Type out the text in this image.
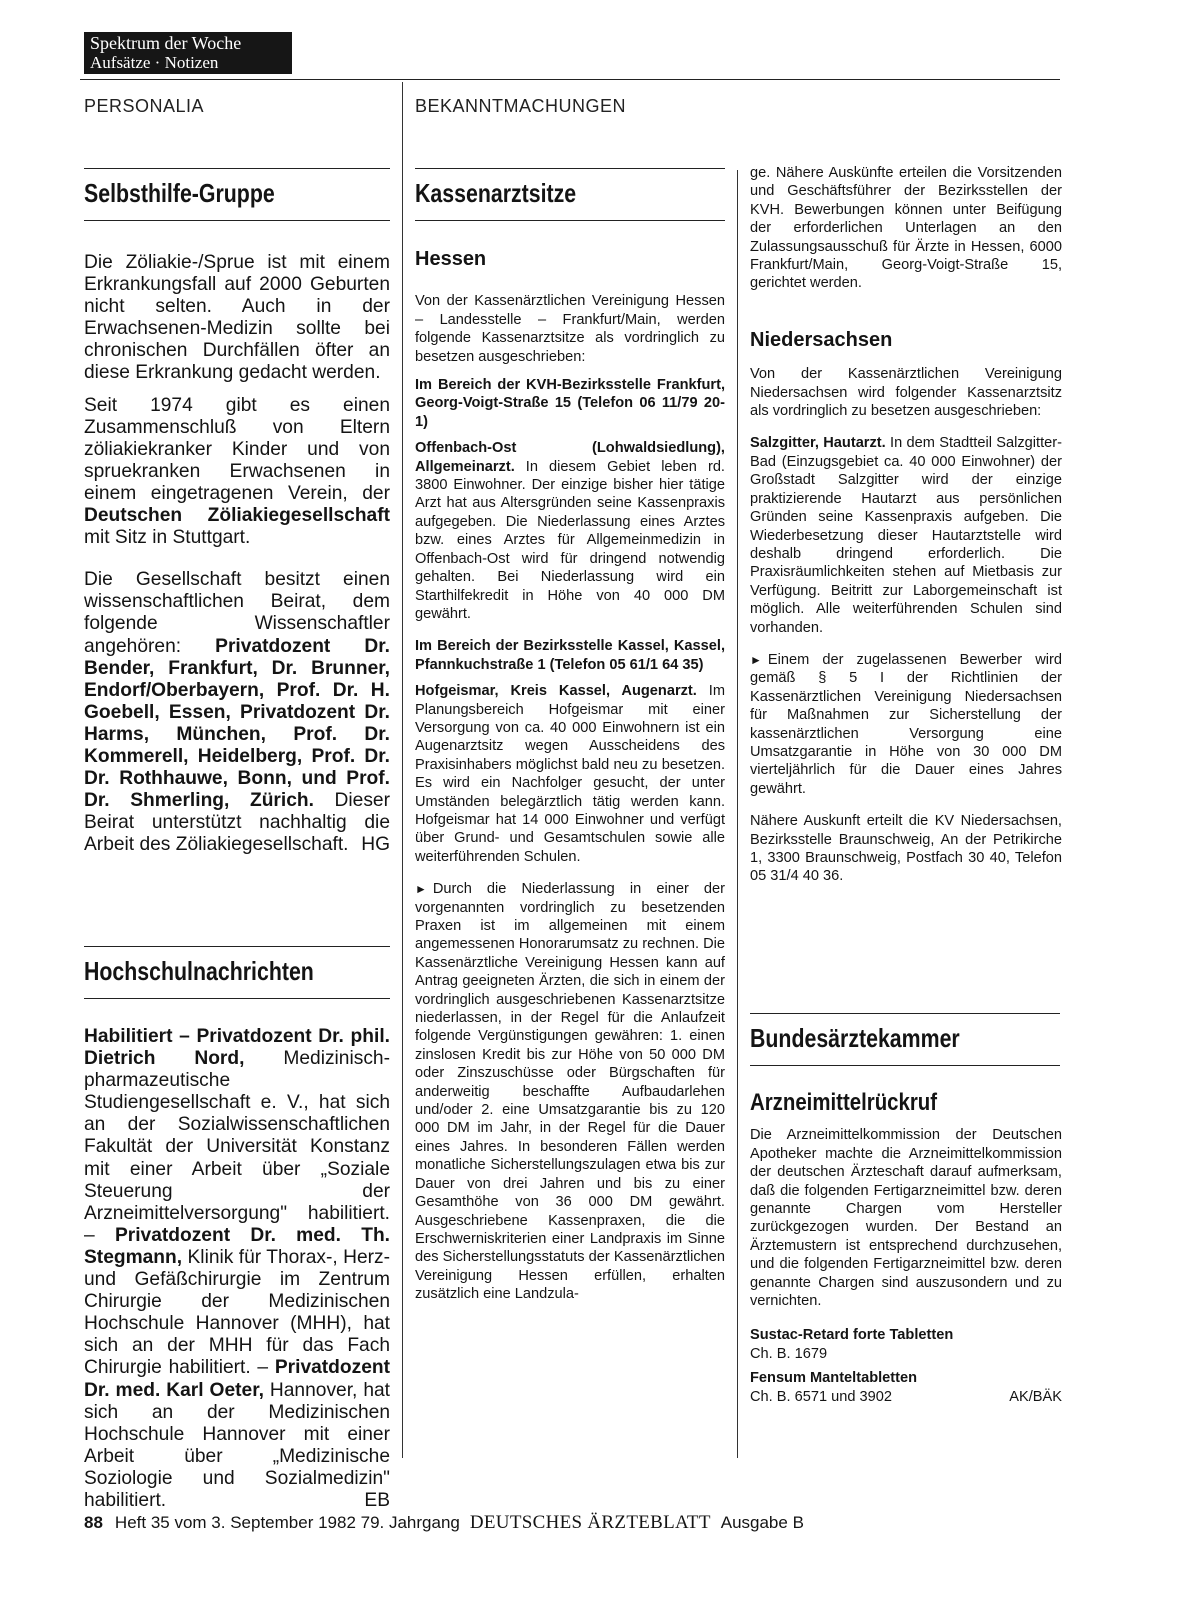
Spektrum der Woche
Aufsätze · Notizen
PERSONALIA	BEKANNTMACHUNGEN
Selbsthilfe-Gruppe

Die Zöliakie-/Sprue ist mit einem Erkrankungsfall auf 2000 Geburten nicht selten. Auch in der Erwachsenen-Medizin sollte bei chronischen Durchfällen öfter an diese Erkrankung gedacht werden.

Seit 1974 gibt es einen Zusammenschluß von Eltern zöliakiekranker Kinder und von spruekranken Erwachsenen in einem eingetragenen Verein, der Deutschen Zöliakiegesellschaft mit Sitz in Stuttgart.

Die Gesellschaft besitzt einen wissenschaftlichen Beirat, dem folgende Wissenschaftler angehören: Privatdozent Dr. Bender, Frankfurt, Dr. Brunner, Endorf/Oberbayern, Prof. Dr. H. Goebell, Essen, Privatdozent Dr. Harms, München, Prof. Dr. Kommerell, Heidelberg, Prof. Dr. Dr. Rothhauwe, Bonn, und Prof. Dr. Shmerling, Zürich. Dieser Beirat unterstützt nachhaltig die Arbeit des Zöliakiegesellschaft. HG

Hochschulnachrichten

Habilitiert – Privatdozent Dr. phil. Dietrich Nord, Medizinisch-pharmazeutische Studiengesellschaft e. V., hat sich an der Sozialwissenschaftlichen Fakultät der Universität Konstanz mit einer Arbeit über „Soziale Steuerung der Arzneimittelversorgung" habilitiert. – Privatdozent Dr. med. Th. Stegmann, Klinik für Thorax-, Herz- und Gefäßchirurgie im Zentrum Chirurgie der Medizinischen Hochschule Hannover (MHH), hat sich an der MHH für das Fach Chirurgie habilitiert. – Privatdozent Dr. med. Karl Oeter, Hannover, hat sich an der Medizinischen Hochschule Hannover mit einer Arbeit über „Medizinische Soziologie und Sozialmedizin" habilitiert.	EB

Kassenarztsitze
Hessen

Von der Kassenärztlichen Vereinigung Hessen – Landesstelle – Frankfurt/Main, werden folgende Kassenarztsitze als vordringlich zu besetzen ausgeschrieben:

Im Bereich der KVH-Bezirksstelle Frankfurt, Georg-Voigt-Straße 15 (Telefon 06 11/79 20-1)

Offenbach-Ost (Lohwaldsiedlung), Allgemeinarzt. In diesem Gebiet leben rd. 3800 Einwohner. Der einzige bisher hier tätige Arzt hat aus Altersgründen seine Kassenpraxis aufgegeben. Die Niederlassung eines Arztes bzw. eines Arztes für Allgemeinmedizin in Offenbach-Ost wird für dringend notwendig gehalten. Bei Niederlassung wird ein Starthilfekredit in Höhe von 40 000 DM gewährt.

Im Bereich der Bezirksstelle Kassel, Kassel, Pfannkuchstraße 1 (Telefon 05 61/1 64 35)

Hofgeismar, Kreis Kassel, Augenarzt. Im Planungsbereich Hofgeismar mit einer Versorgung von ca. 40 000 Einwohnern ist ein Augenarztsitz wegen Ausscheidens des Praxisinhabers möglichst bald neu zu besetzen. Es wird ein Nachfolger gesucht, der unter Umständen belegärztlich tätig werden kann. Hofgeismar hat 14 000 Einwohner und verfügt über Grund- und Gesamtschulen sowie alle weiterführenden Schulen.

► Durch die Niederlassung in einer der vorgenannten vordringlich zu besetzenden Praxen ist im allgemeinen mit einem angemessenen Honorarumsatz zu rechnen. Die Kassenärztliche Vereinigung Hessen kann auf Antrag geeigneten Ärzten, die sich in einem der vordringlich ausgeschriebenen Kassenarztsitze niederlassen, in der Regel für die Anlaufzeit folgende Vergünstigungen gewähren: 1. einen zinslosen Kredit bis zur Höhe von 50 000 DM oder Zinszuschüsse oder Bürgschaften für anderweitig beschaffte Aufbaudarlehen und/oder 2. eine Umsatzgarantie bis zu 120 000 DM im Jahr, in der Regel für die Dauer eines Jahres. In besonderen Fällen werden monatliche Sicherstellungszulagen etwa bis zur Dauer von drei Jahren und bis zu einer Gesamthöhe von 36 000 DM gewährt. Ausgeschriebene Kassenpraxen, die die Erschwerniskriterien einer Landpraxis im Sinne des Sicherstellungsstatuts der Kassenärztlichen Vereinigung Hessen erfüllen, erhalten zusätzlich eine Landzula-

ge. Nähere Auskünfte erteilen die Vorsitzenden und Geschäftsführer der Bezirksstellen der KVH. Bewerbungen können unter Beifügung der erforderlichen Unterlagen an den Zulassungsausschuß für Ärzte in Hessen, 6000 Frankfurt/Main, Georg-Voigt-Straße 15, gerichtet werden.

Niedersachsen

Von der Kassenärztlichen Vereinigung Niedersachsen wird folgender Kassenarztsitz als vordringlich zu besetzen ausgeschrieben:

Salzgitter, Hautarzt. In dem Stadtteil Salzgitter-Bad (Einzugsgebiet ca. 40 000 Einwohner) der Großstadt Salzgitter wird der einzige praktizierende Hautarzt aus persönlichen Gründen seine Kassenpraxis aufgeben. Die Wiederbesetzung dieser Hautarztstelle wird deshalb dringend erforderlich. Die Praxisräumlichkeiten stehen auf Mietbasis zur Verfügung. Beitritt zur Laborgemeinschaft ist möglich. Alle weiterführenden Schulen sind vorhanden.

► Einem der zugelassenen Bewerber wird gemäß § 5 I der Richtlinien der Kassenärztlichen Vereinigung Niedersachsen für Maßnahmen zur Sicherstellung der kassenärztlichen Versorgung eine Umsatzgarantie in Höhe von 30 000 DM vierteljährlich für die Dauer eines Jahres gewährt.

Nähere Auskunft erteilt die KV Niedersachsen, Bezirksstelle Braunschweig, An der Petrikirche 1, 3300 Braunschweig, Postfach 30 40, Telefon 05 31/4 40 36.

Bundesärztekammer
Arzneimittelrückruf

Die Arzneimittelkommission der Deutschen Apotheker machte die Arzneimittelkommission der deutschen Ärzteschaft darauf aufmerksam, daß die folgenden Fertigarzneimittel bzw. deren genannte Chargen vom Hersteller zurückgezogen wurden. Der Bestand an Ärztemustern ist entsprechend durchzusehen, und die folgenden Fertigarzneimittel bzw. deren genannte Chargen sind auszusondern und zu vernichten.

Sustac-Retard forte Tabletten

Ch. B. 1679

Fensum Manteltabletten

Ch. B. 6571 und 3902	AK/BÄK

88 Heft 35 vom 3. September 1982 79. Jahrgang DEUTSCHES ÄRZTEBLATT Ausgabe B
